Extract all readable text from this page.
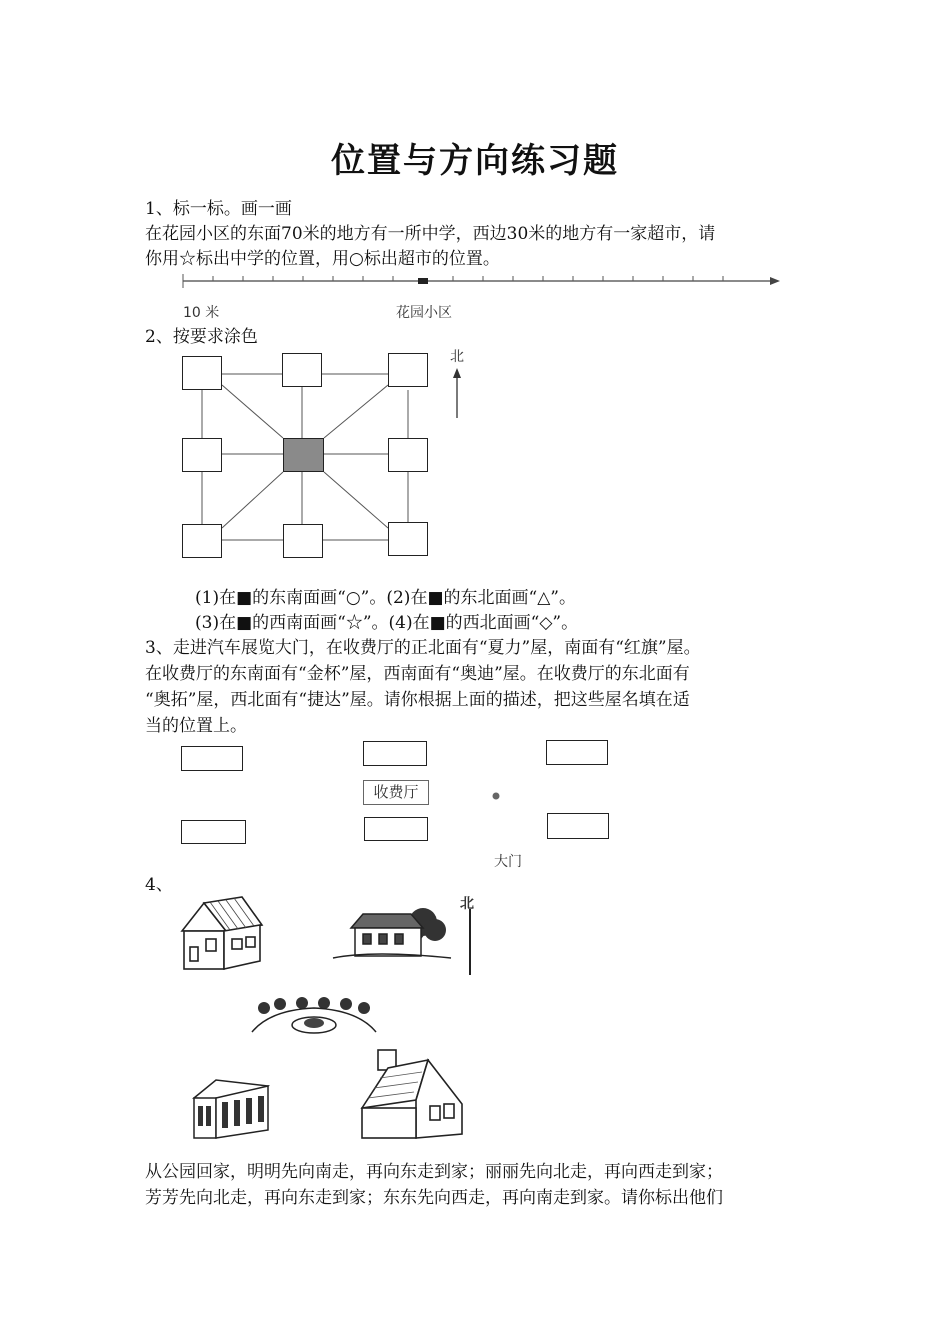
位置与方向练习题
1、标一标。画一画
在花园小区的东面70米的地方有一所中学，西边30米的地方有一家超市，请
你用☆标出中学的位置，用○标出超市的位置。
10 米	花园小区
2、按要求涂色
北
(1)在■的东南面画“○”。(2)在■的东北面画“△”。
(3)在■的西南面画“☆”。(4)在■的西北面画“◇”。
3、走进汽车展览大门，在收费厅的正北面有“夏力”屋，南面有“红旗”屋。
在收费厅的东南面有“金杯”屋，西南面有“奥迪”屋。在收费厅的东北面有
“奥拓”屋，西北面有“捷达”屋。请你根据上面的描述，把这些屋名填在适
当的位置上。
收费厅
大门
4、
北
从公园回家，明明先向南走，再向东走到家；丽丽先向北走，再向西走到家；
芳芳先向北走，再向东走到家；东东先向西走，再向南走到家。请你标出他们
